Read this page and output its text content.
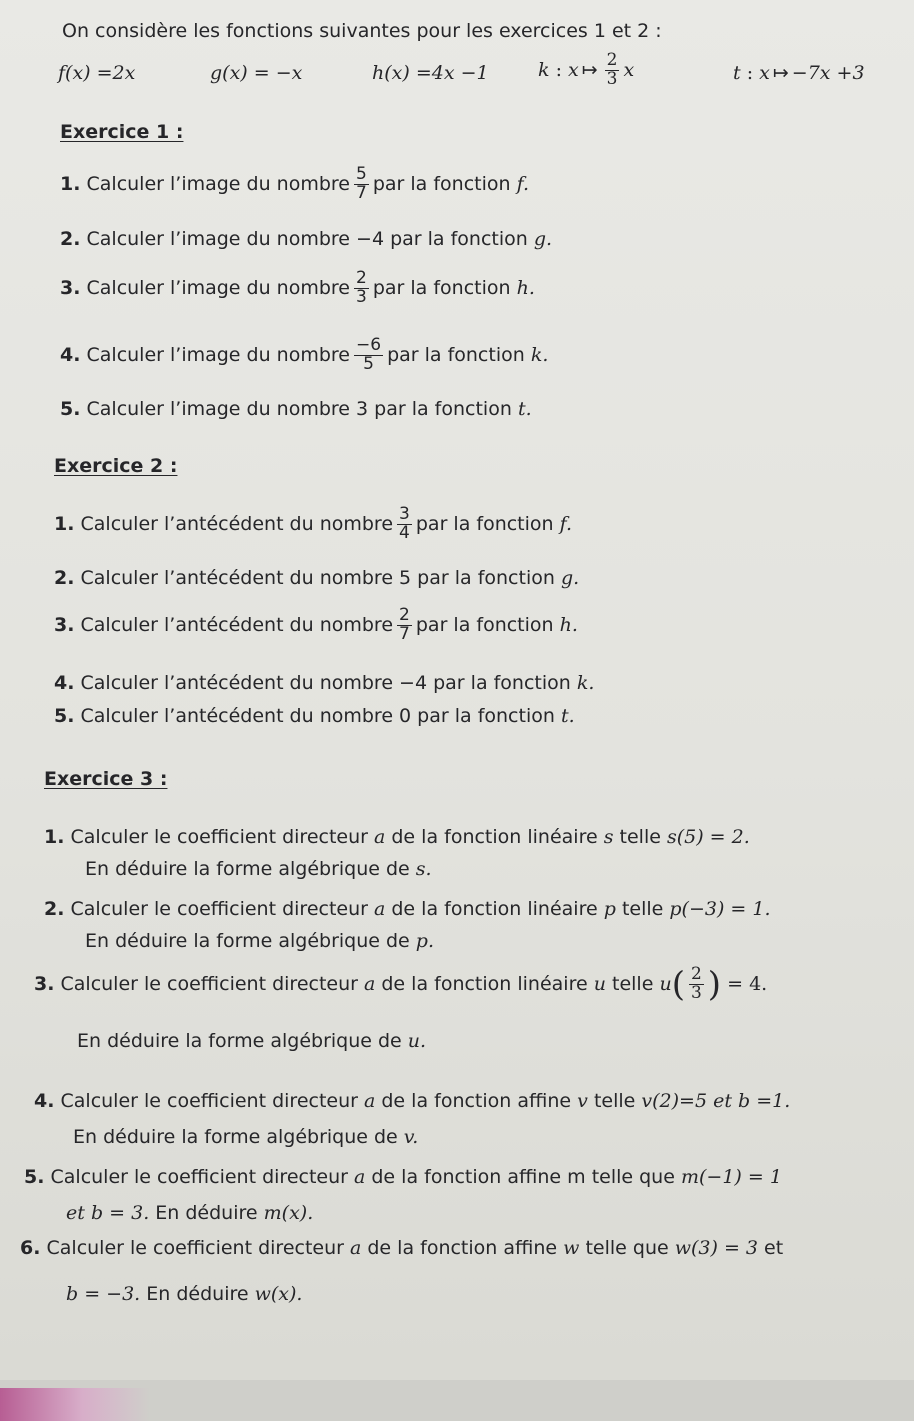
On considère les fonctions suivantes pour les exercices 1 et 2 :
f(x) =2x	g(x) = −x	h(x) =4x −1	k : x ↦ $\frac{2}{3}$ x	t : x ↦ −7x +3
Exercice 1 :
1. Calculer l’image du nombre $\frac{5}{7}$ par la fonction f.
2. Calculer l’image du nombre −4 par la fonction g.
3. Calculer l’image du nombre $\frac{2}{3}$ par la fonction h.
4. Calculer l’image du nombre $\frac{-6}{5}$ par la fonction k.
5. Calculer l’image du nombre 3 par la fonction t.
Exercice 2 :
1. Calculer l’antécédent du nombre $\frac{3}{4}$ par la fonction f.
2. Calculer l’antécédent du nombre 5 par la fonction g.
3. Calculer l’antécédent du nombre $\frac{2}{7}$ par la fonction h.
4. Calculer l’antécédent du nombre −4 par la fonction k.
5. Calculer l’antécédent du nombre 0 par la fonction t.
Exercice 3 :
1. Calculer le coefficient directeur a de la fonction linéaire s telle s(5) = 2.
En déduire la forme algébrique de s.
2. Calculer le coefficient directeur a de la fonction linéaire p telle p(−3) = 1.
En déduire la forme algébrique de p.
3. Calculer le coefficient directeur a de la fonction linéaire u telle $u( \frac{2}{3}$ ) = 4.
En déduire la forme algébrique de u.
4. Calculer le coefficient directeur a de la fonction affine v telle v(2)=5 et b =1.
En déduire la forme algébrique de v.
5. Calculer le coefficient directeur a de la fonction affine m telle que m(−1) = 1
et b = 3. En déduire m(x).
6. Calculer le coefficient directeur a de la fonction affine w telle que w(3) = 3 et
b = −3. En déduire w(x).
